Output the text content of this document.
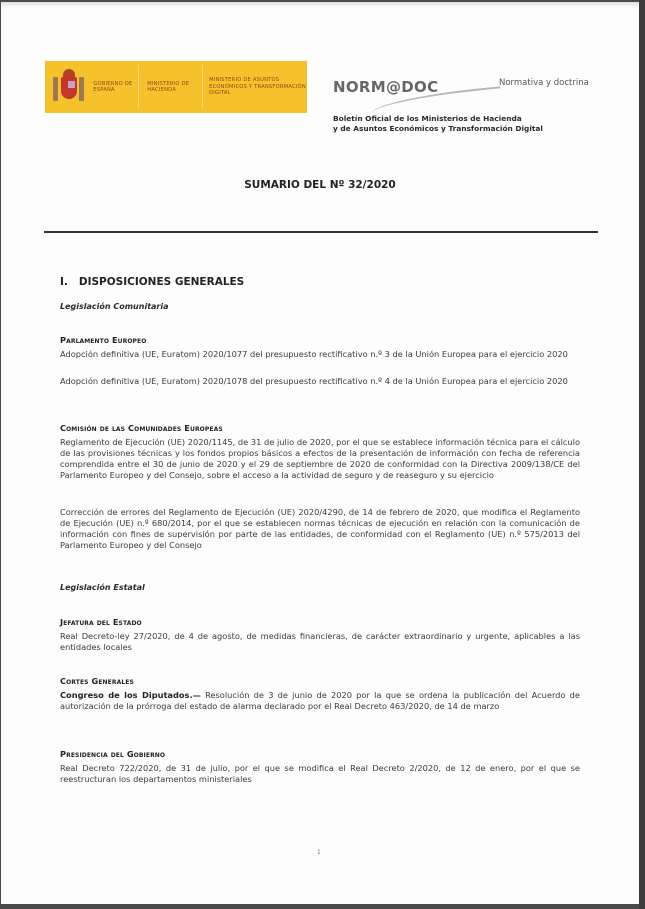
GOBIERNO DE ESPAÑA
MINISTERIO DE HACIENDA
MINISTERIO DE ASUNTOS ECONÓMICOS Y TRANSFORMACIÓN DIGITAL	NORM@DOC	Normativa y doctrina
Boletín Oficial de los Ministerios de Hacienda
y de Asuntos Económicos y Transformación Digital
SUMARIO DEL Nº 32/2020
I.   DISPOSICIONES GENERALES
Legislación Comunitaria
Parlamento Europeo
Adopción definitiva (UE, Euratom) 2020/1077 del presupuesto rectificativo n.º 3 de la Unión Europea para el ejercicio 2020
Adopción definitiva (UE, Euratom) 2020/1078 del presupuesto rectificativo n.º 4 de la Unión Europea para el ejercicio 2020
Comisión de las Comunidades Europeas
Reglamento de Ejecución (UE) 2020/1145, de 31 de julio de 2020, por el que se establece información técnica para el cálculo de las provisiones técnicas y los fondos propios básicos a efectos de la presentación de información con fecha de referencia comprendida entre el 30 de junio de 2020 y el 29 de septiembre de 2020 de conformidad con la Directiva 2009/138/CE del Parlamento Europeo y del Consejo, sobre el acceso a la actividad de seguro y de reaseguro y su ejercicio
Corrección de errores del Reglamento de Ejecución (UE) 2020/4290, de 14 de febrero de 2020, que modifica el Reglamento de Ejecución (UE) n.º 680/2014, por el que se establecen normas técnicas de ejecución en relación con la comunicación de información con fines de supervisión por parte de las entidades, de conformidad con el Reglamento (UE) n.º 575/2013 del Parlamento Europeo y del Consejo
Legislación Estatal
Jefatura del Estado
Real Decreto-ley 27/2020, de 4 de agosto, de medidas financieras, de carácter extraordinario y urgente, aplicables a las entidades locales
Cortes Generales
Congreso de los Diputados.— Resolución de 3 de junio de 2020 por la que se ordena la publicación del Acuerdo de autorización de la prórroga del estado de alarma declarado por el Real Decreto 463/2020, de 14 de marzo
Presidencia del Gobierno
Real Decreto 722/2020, de 31 de julio, por el que se modifica el Real Decreto 2/2020, de 12 de enero, por el que se reestructuran los departamentos ministeriales
1
